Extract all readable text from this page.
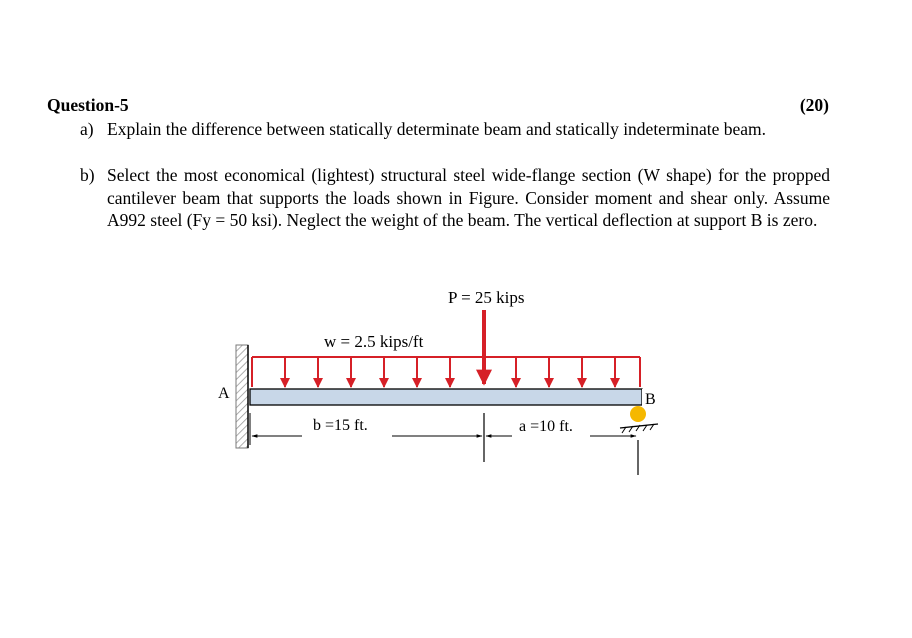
Question-5	(20)
a) Explain the difference between statically determinate beam and statically indeterminate beam.
b) Select the most economical (lightest) structural steel wide-flange section (W shape) for the propped cantilever beam that supports the loads shown in Figure. Consider moment and shear only. Assume A992 steel (Fy = 50 ksi). Neglect the weight of the beam. The vertical deflection at support B is zero.
A
w = 2.5 kips/ft
P = 25 kips
B
b =15 ft.	a =10 ft.
